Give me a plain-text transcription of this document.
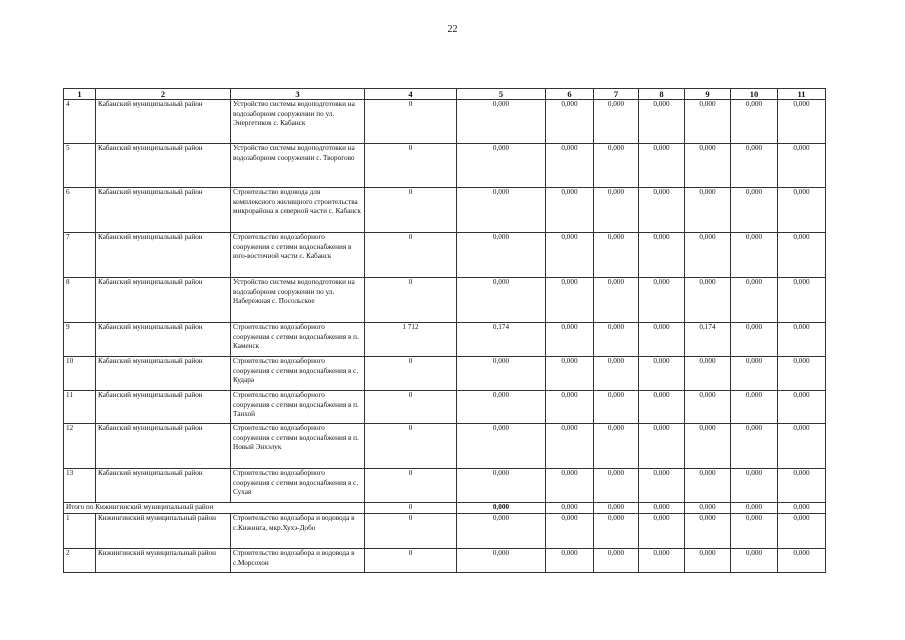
22
1	2	3	4	5	6	7	8	9	10	11
4	Кабанский муниципальный район	Устройство системы водоподготовки на водозаборном сооружении по ул. Энергетиков с. Кабанск	0	0,000	0,000	0,000	0,000	0,000	0,000	0,000
5	Кабанский муниципальный район	Устройство системы водоподготовки на водозаборном сооружении с. Творогово	0	0,000	0,000	0,000	0,000	0,000	0,000	0,000
6	Кабанский муниципальный район	Строительство водовода для комплексного жилищного строительства микрорайона в северной части с. Кабанск	0	0,000	0,000	0,000	0,000	0,000	0,000	0,000
7	Кабанский муниципальный район	Строительство водозаборного сооружения с сетями водоснабжения в юго-восточной части с. Кабанск	0	0,000	0,000	0,000	0,000	0,000	0,000	0,000
8	Кабанский муниципальный район	Устройство системы водоподготовки на водозаборном сооружении по ул. Набережная с. Посольское	0	0,000	0,000	0,000	0,000	0,000	0,000	0,000
9	Кабанский муниципальный район	Строительство водозаборного сооружения с сетями водоснабжения в п. Каменск	1 712	0,174	0,000	0,000	0,000	0,174	0,000	0,000
10	Кабанский муниципальный район	Строительство водозаборного сооружения с сетями водоснабжения в с. Кудара	0	0,000	0,000	0,000	0,000	0,000	0,000	0,000
11	Кабанский муниципальный район	Строительство водозаборного сооружения с сетями водоснабжения в п. Танхой	0	0,000	0,000	0,000	0,000	0,000	0,000	0,000
12	Кабанский муниципальный район	Строительство водозаборного сооружения с сетями водоснабжения в п. Новый Энхэлук	0	0,000	0,000	0,000	0,000	0,000	0,000	0,000
13	Кабанский муниципальный район	Строительство водозаборного сооружения с сетями водоснабжения в с. Сухая	0	0,000	0,000	0,000	0,000	0,000	0,000	0,000
Итого по Кижингинский муниципальный район			0	0,000	0,000	0,000	0,000	0,000	0,000	0,000
1	Кижингинский муниципальный район	Строительство водозабора и водовода в с.Кижинга, мкр.Хухэ-Добо	0	0,000	0,000	0,000	0,000	0,000	0,000	0,000
2	Кижингинский муниципальный район	Строительство водозабора и водовода в с.Морсохон	0	0,000	0,000	0,000	0,000	0,000	0,000	0,000
